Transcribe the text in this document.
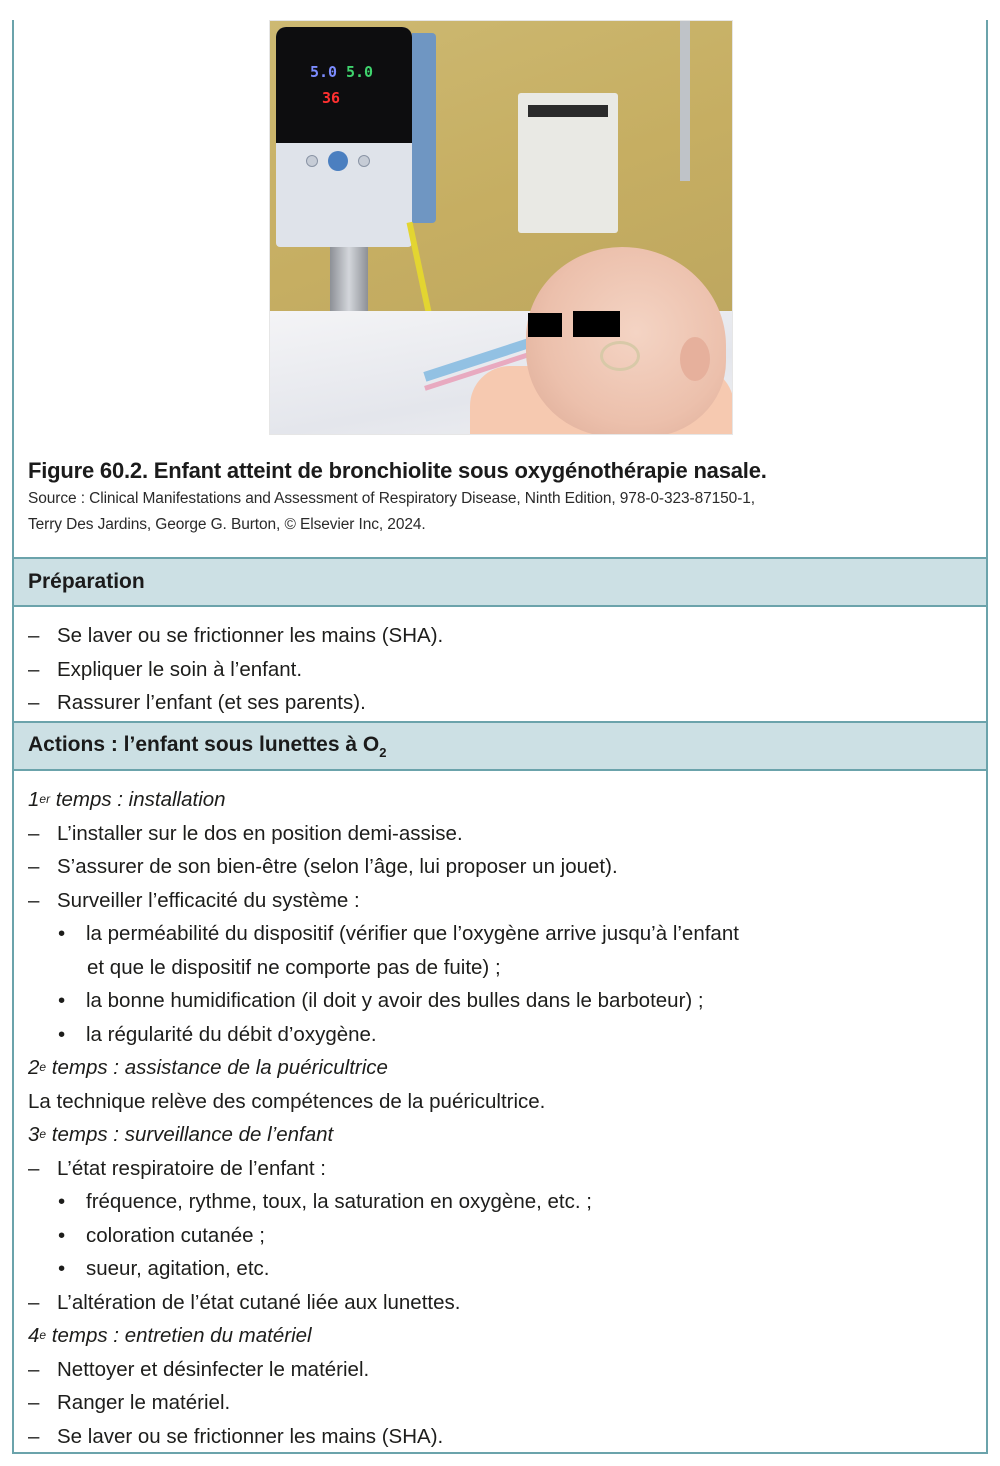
5.0 5.0
36
Figure 60.2. Enfant atteint de bronchiolite sous oxygénothérapie nasale.
Source : Clinical Manifestations and Assessment of Respiratory Disease, Ninth Edition, 978-0-323-87150-1,
Terry Des Jardins, George G. Burton, © Elsevier Inc, 2024.
Préparation
– Se laver ou se frictionner les mains (SHA).
– Expliquer le soin à l’enfant.
– Rassurer l’enfant (et ses parents).
Actions : l’enfant sous lunettes à $O_2$
1 er temps : installation
– L’installer sur le dos en position demi-assise.
– S’assurer de son bien-être (selon l’âge, lui proposer un jouet).
– Surveiller l’efficacité du système :
•	la perméabilité du dispositif (vérifier que l’oxygène arrive jusqu’à l’enfant
et que le dispositif ne comporte pas de fuite) ;
•	la bonne humidification (il doit y avoir des bulles dans le barboteur) ;
•	la régularité du débit d’oxygène.
2 e temps : assistance de la puéricultrice
La technique relève des compétences de la puéricultrice.
3 e temps : surveillance de l’enfant
– L’état respiratoire de l’enfant :
•	fréquence, rythme, toux, la saturation en oxygène, etc. ;
•	coloration cutanée ;
•	sueur, agitation, etc.
– L’altération de l’état cutané liée aux lunettes.
4 e temps : entretien du matériel
– Nettoyer et désinfecter le matériel.
– Ranger le matériel.
– Se laver ou se frictionner les mains (SHA).
